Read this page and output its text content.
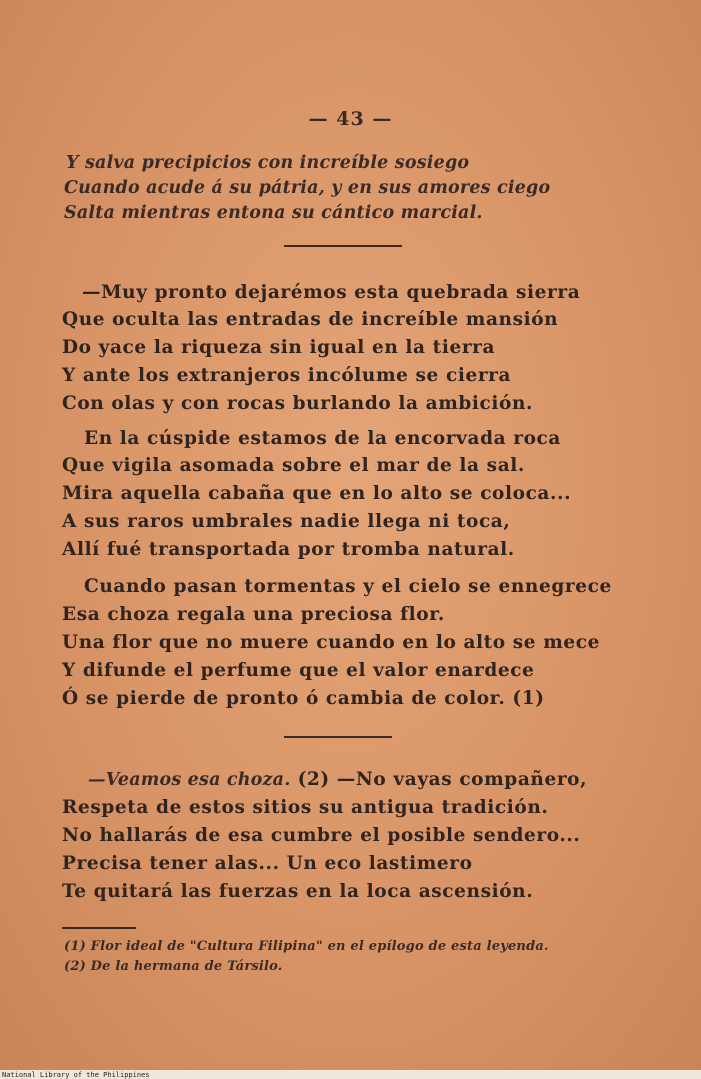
— 43 —
Y salva precipicios con increíble sosiego
Cuando acude á su pátria, y en sus amores ciego
Salta mientras entona su cántico marcial.
—Muy pronto dejarémos esta quebrada sierra
Que oculta las entradas de increíble mansión
Do yace la riqueza sin igual en la tierra
Y ante los extranjeros incólume se cierra
Con olas y con rocas burlando la ambición.
En la cúspide estamos de la encorvada roca
Que vigila asomada sobre el mar de la sal.
Mira aquella cabaña que en lo alto se coloca...
A sus raros umbrales nadie llega ni toca,
Allí fué transportada por tromba natural.
Cuando pasan tormentas y el cielo se ennegrece
Esa choza regala una preciosa flor.
Una flor que no muere cuando en lo alto se mece
Y difunde el perfume que el valor enardece
Ó se pierde de pronto ó cambia de color. (1)
—Veamos esa choza. (2) —No vayas compañero,
Respeta de estos sitios su antigua tradición.
No hallarás de esa cumbre el posible sendero...
Precisa tener alas... Un eco lastimero
Te quitará las fuerzas en la loca ascensión.
(1) Flor ideal de "Cultura Filipina" en el epílogo de esta leyenda.
(2) De la hermana de Társilo.
National Library of the Philippines
